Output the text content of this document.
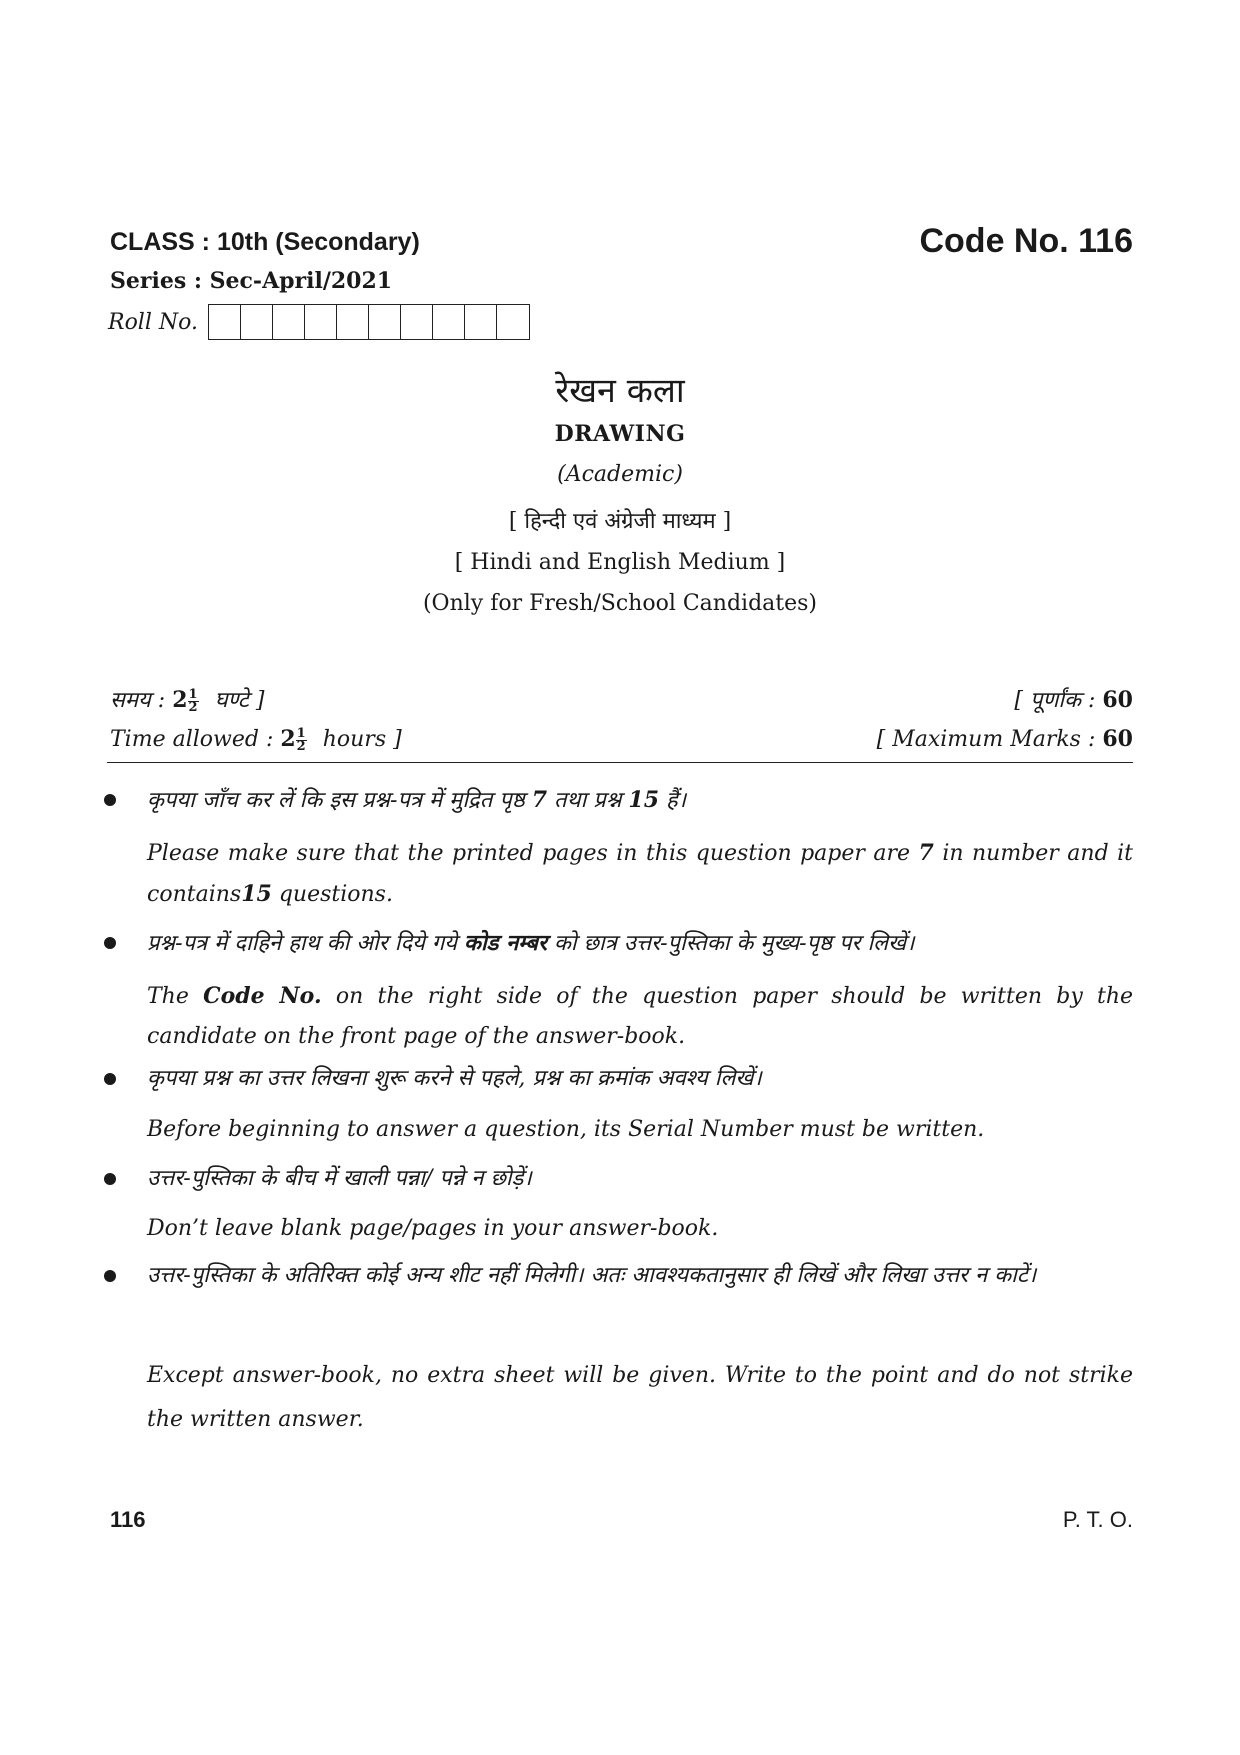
CLASS : 10th (Secondary)
Series : Sec-April/2021
Roll No.
Code No. 116
रेखन कला
DRAWING
(Academic)
[ हिन्दी एवं अंग्रेजी माध्यम ]
[ Hindi and English Medium ]
(Only for Fresh/School Candidates)
समय : $2 \frac{1}{2}$ घण्टे ]
Time allowed : $2 \frac{1}{2}$ hours ]
[ पूर्णांक : 60
[ Maximum Marks : 60
कृपया जाँच कर लें कि इस प्रश्न-पत्र में मुद्रित पृष्ठ 7 तथा प्रश्न 15 हैं।
Please make sure that the printed pages in this question paper are 7 in number and it contains15 questions.
प्रश्न-पत्र में दाहिने हाथ की ओर दिये गये कोड नम्बर को छात्र उत्तर-पुस्तिका के मुख्य-पृष्ठ पर लिखें।
The Code No. on the right side of the question paper should be written by the candidate on the front page of the answer-book.
कृपया प्रश्न का उत्तर लिखना शुरू करने से पहले, प्रश्न का क्रमांक अवश्य लिखें।
Before beginning to answer a question, its Serial Number must be written.
उत्तर-पुस्तिका के बीच में खाली पन्ना/ पन्ने न छोड़ें।
Don’t leave blank page/pages in your answer-book.
उत्तर-पुस्तिका के अतिरिक्त कोई अन्य शीट नहीं मिलेगी। अतः आवश्यकतानुसार ही लिखें और लिखा उत्तर न काटें।
Except answer-book, no extra sheet will be given. Write to the point and do not strike the written answer.
116	P. T. O.
